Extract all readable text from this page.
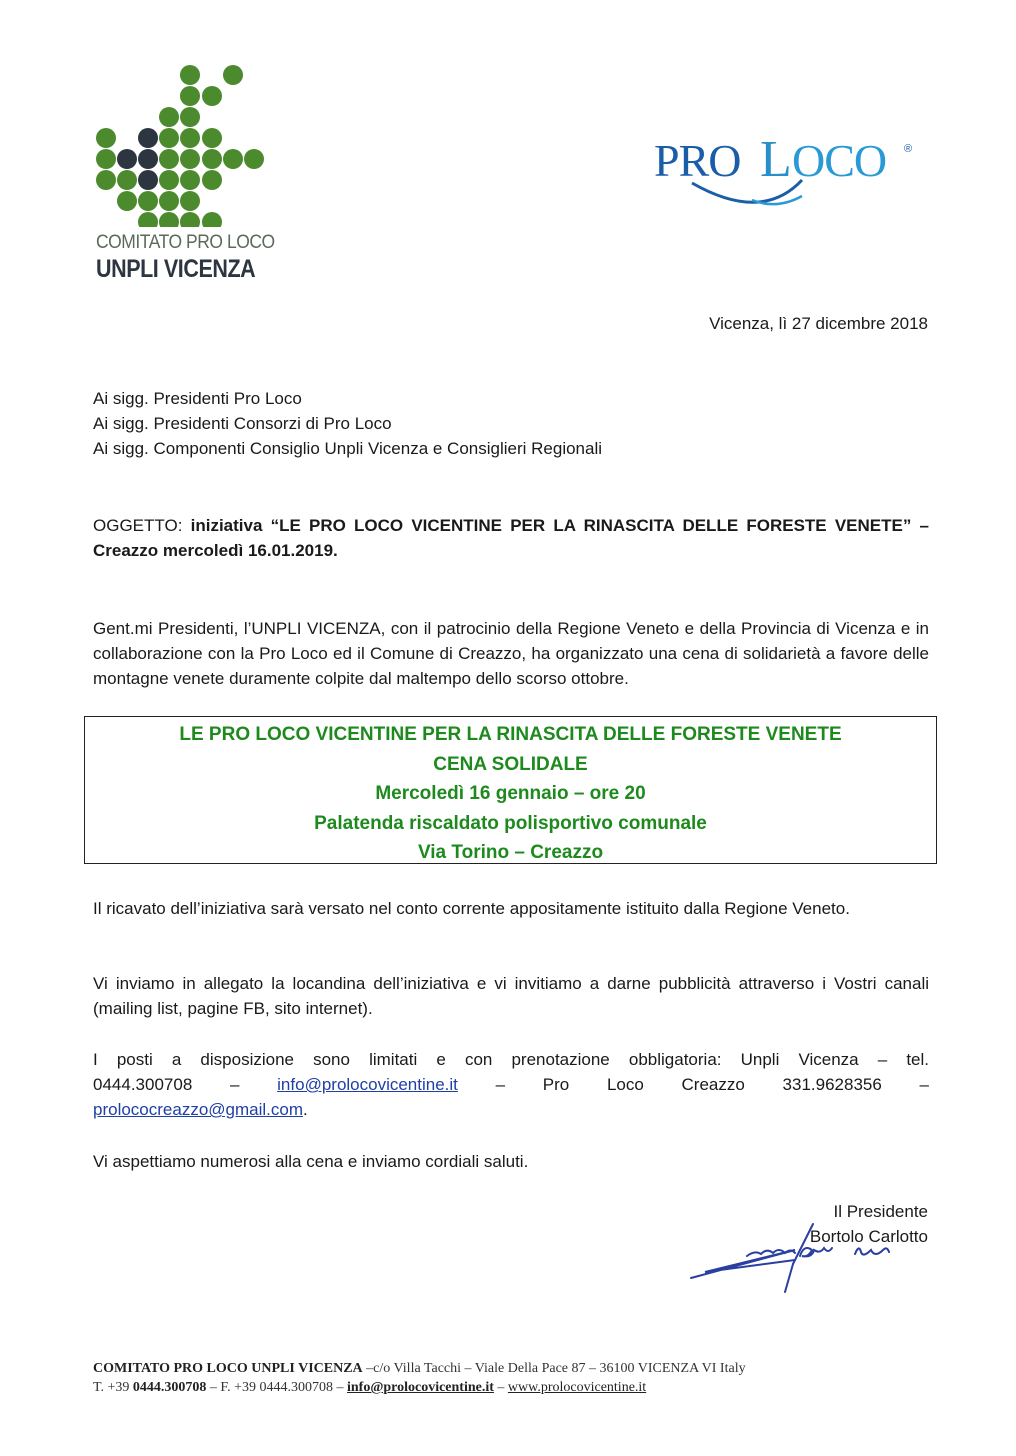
COMITATO PRO LOCO
UNPLI VICENZA
PRO L OCO ®
Vicenza, lì 27 dicembre 2018
Ai sigg. Presidenti Pro Loco
Ai sigg. Presidenti Consorzi di Pro Loco
Ai sigg. Componenti Consiglio Unpli Vicenza e Consiglieri Regionali
OGGETTO: iniziativa “LE PRO LOCO VICENTINE PER LA RINASCITA DELLE FORESTE VENETE” – Creazzo mercoledì 16.01.2019.
Gent.mi Presidenti, l’UNPLI VICENZA, con il patrocinio della Regione Veneto e della Provincia di Vicenza e in collaborazione con la Pro Loco ed il Comune di Creazzo, ha organizzato una cena di solidarietà a favore delle montagne venete duramente colpite dal maltempo dello scorso ottobre.
LE PRO LOCO VICENTINE PER LA RINASCITA DELLE FORESTE VENETE
CENA SOLIDALE
Mercoledì 16 gennaio – ore 20
Palatenda riscaldato polisportivo comunale
Via Torino – Creazzo
Il ricavato dell’iniziativa sarà versato nel conto corrente appositamente istituito dalla Regione Veneto.
Vi inviamo in allegato la locandina dell’iniziativa e vi invitiamo a darne pubblicità attraverso i Vostri canali (mailing list, pagine FB, sito internet).
I posti a disposizione sono limitati e con prenotazione obbligatoria: Unpli Vicenza – tel.
0444.300708 – info@prolocovicentine.it – Pro Loco Creazzo 331.9628356 –
prolococreazzo@gmail.com.
Vi aspettiamo numerosi alla cena e inviamo cordiali saluti.
Il Presidente
Bortolo Carlotto
COMITATO PRO LOCO UNPLI VICENZA –c/o Villa Tacchi – Viale Della Pace 87 – 36100 VICENZA VI Italy
T. +39 0444.300708 – F. +39 0444.300708 – info@prolocovicentine.it – www.prolocovicentine.it
